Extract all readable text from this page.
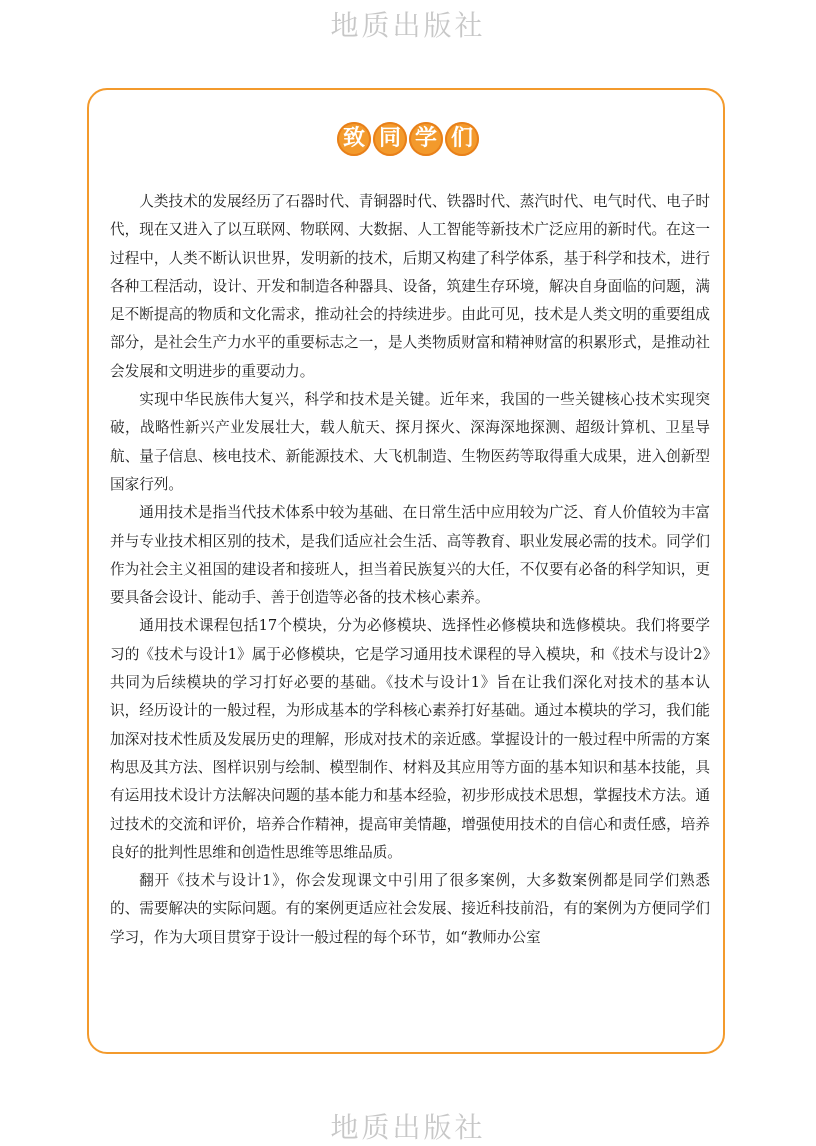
地质出版社
致 同 学 们

人类技术的发展经历了石器时代、青铜器时代、铁器时代、蒸汽时代、电气时代、电子时代，现在又进入了以互联网、物联网、大数据、人工智能等新技术广泛应用的新时代。在这一过程中，人类不断认识世界，发明新的技术，后期又构建了科学体系，基于科学和技术，进行各种工程活动，设计、开发和制造各种器具、设备，筑建生存环境，解决自身面临的问题，满足不断提高的物质和文化需求，推动社会的持续进步。由此可见，技术是人类文明的重要组成部分，是社会生产力水平的重要标志之一，是人类物质财富和精神财富的积累形式，是推动社会发展和文明进步的重要动力。

实现中华民族伟大复兴，科学和技术是关键。近年来，我国的一些关键核心技术实现突破，战略性新兴产业发展壮大，载人航天、探月探火、深海深地探测、超级计算机、卫星导航、量子信息、核电技术、新能源技术、大飞机制造、生物医药等取得重大成果，进入创新型国家行列。

通用技术是指当代技术体系中较为基础、在日常生活中应用较为广泛、育人价值较为丰富并与专业技术相区别的技术，是我们适应社会生活、高等教育、职业发展必需的技术。同学们作为社会主义祖国的建设者和接班人，担当着民族复兴的大任，不仅要有必备的科学知识，更要具备会设计、能动手、善于创造等必备的技术核心素养。

通用技术课程包括17个模块，分为必修模块、选择性必修模块和选修模块。我们将要学习的《技术与设计1》属于必修模块，它是学习通用技术课程的导入模块，和《技术与设计2》共同为后续模块的学习打好必要的基础。《技术与设计1》旨在让我们深化对技术的基本认识，经历设计的一般过程，为形成基本的学科核心素养打好基础。通过本模块的学习，我们能加深对技术性质及发展历史的理解，形成对技术的亲近感。掌握设计的一般过程中所需的方案构思及其方法、图样识别与绘制、模型制作、材料及其应用等方面的基本知识和基本技能，具有运用技术设计方法解决问题的基本能力和基本经验，初步形成技术思想，掌握技术方法。通过技术的交流和评价，培养合作精神，提高审美情趣，增强使用技术的自信心和责任感，培养良好的批判性思维和创造性思维等思维品质。

翻开《技术与设计1》，你会发现课文中引用了很多案例，大多数案例都是同学们熟悉的、需要解决的实际问题。有的案例更适应社会发展、接近科技前沿，有的案例为方便同学们学习，作为大项目贯穿于设计一般过程的每个环节，如“教师办公室

地质出版社
